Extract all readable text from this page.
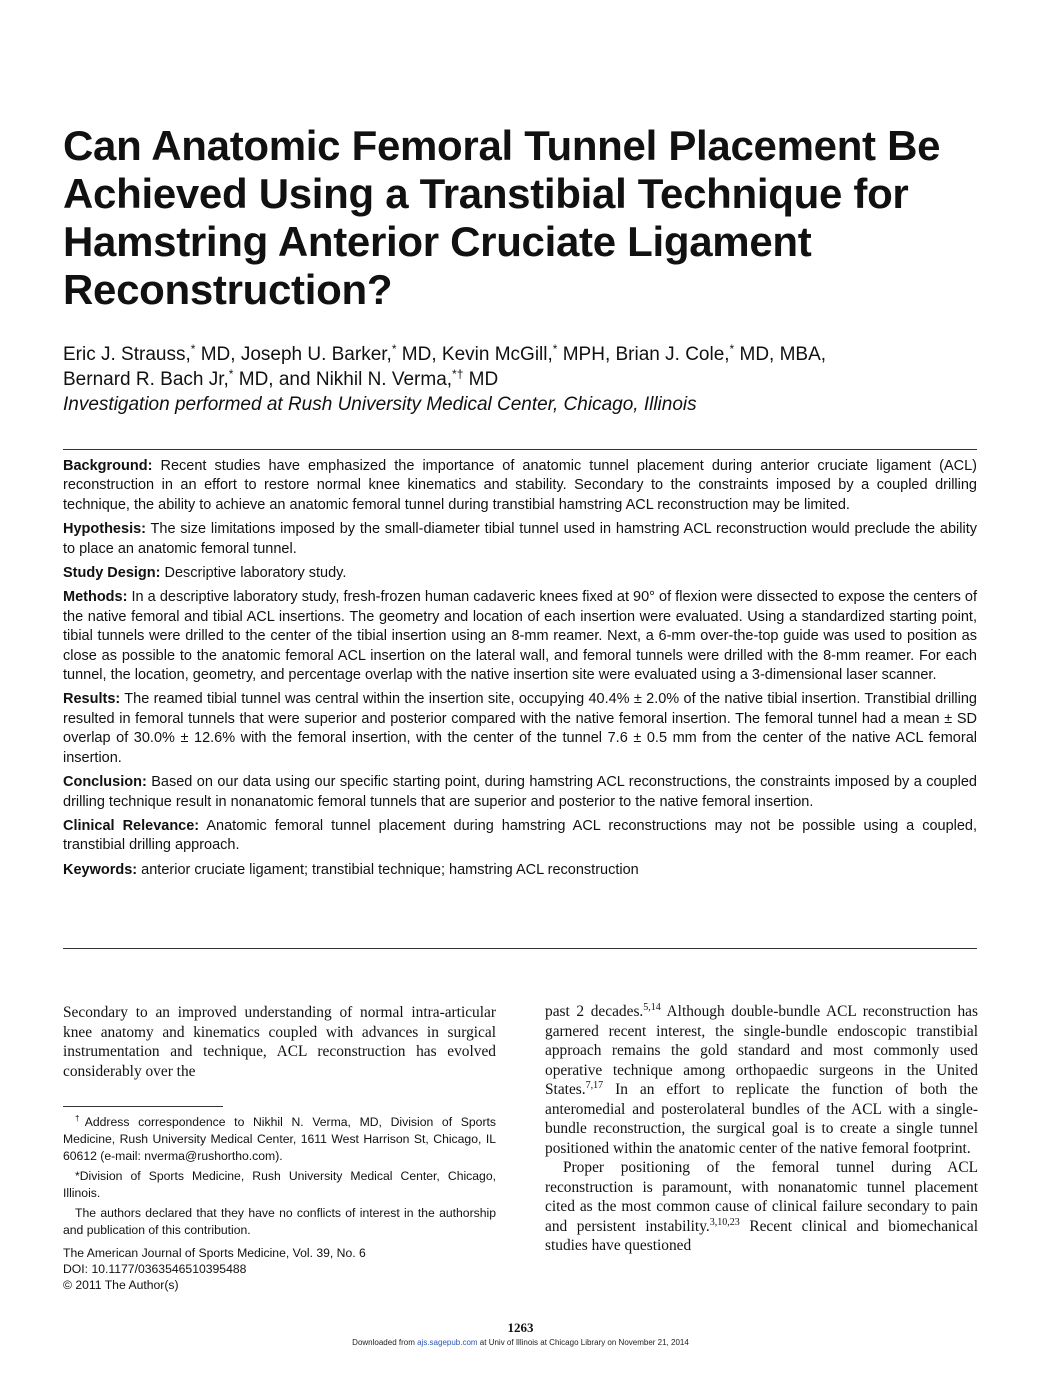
Can Anatomic Femoral Tunnel Placement Be Achieved Using a Transtibial Technique for Hamstring Anterior Cruciate Ligament Reconstruction?
Eric J. Strauss,* MD, Joseph U. Barker,* MD, Kevin McGill,* MPH, Brian J. Cole,* MD, MBA,
Bernard R. Bach Jr,* MD, and Nikhil N. Verma,*† MD
Investigation performed at Rush University Medical Center, Chicago, Illinois

Background: Recent studies have emphasized the importance of anatomic tunnel placement during anterior cruciate ligament (ACL) reconstruction in an effort to restore normal knee kinematics and stability. Secondary to the constraints imposed by a coupled drilling technique, the ability to achieve an anatomic femoral tunnel during transtibial hamstring ACL reconstruction may be limited.

Hypothesis: The size limitations imposed by the small-diameter tibial tunnel used in hamstring ACL reconstruction would preclude the ability to place an anatomic femoral tunnel.

Study Design: Descriptive laboratory study.

Methods: In a descriptive laboratory study, fresh-frozen human cadaveric knees fixed at 90° of flexion were dissected to expose the centers of the native femoral and tibial ACL insertions. The geometry and location of each insertion were evaluated. Using a standardized starting point, tibial tunnels were drilled to the center of the tibial insertion using an 8-mm reamer. Next, a 6-mm over-the-top guide was used to position as close as possible to the anatomic femoral ACL insertion on the lateral wall, and femoral tunnels were drilled with the 8-mm reamer. For each tunnel, the location, geometry, and percentage overlap with the native insertion site were evaluated using a 3-dimensional laser scanner.

Results: The reamed tibial tunnel was central within the insertion site, occupying 40.4% ± 2.0% of the native tibial insertion. Transtibial drilling resulted in femoral tunnels that were superior and posterior compared with the native femoral insertion. The femoral tunnel had a mean ± SD overlap of 30.0% ± 12.6% with the femoral insertion, with the center of the tunnel 7.6 ± 0.5 mm from the center of the native ACL femoral insertion.

Conclusion: Based on our data using our specific starting point, during hamstring ACL reconstructions, the constraints imposed by a coupled drilling technique result in nonanatomic femoral tunnels that are superior and posterior to the native femoral insertion.

Clinical Relevance: Anatomic femoral tunnel placement during hamstring ACL reconstructions may not be possible using a coupled, transtibial drilling approach.

Keywords: anterior cruciate ligament; transtibial technique; hamstring ACL reconstruction

Secondary to an improved understanding of normal intra-articular knee anatomy and kinematics coupled with advances in surgical instrumentation and technique, ACL reconstruction has evolved considerably over the

†Address correspondence to Nikhil N. Verma, MD, Division of Sports Medicine, Rush University Medical Center, 1611 West Harrison St, Chicago, IL 60612 (e-mail: nverma@rushortho.com).

*Division of Sports Medicine, Rush University Medical Center, Chicago, Illinois.

The authors declared that they have no conflicts of interest in the authorship and publication of this contribution.

The American Journal of Sports Medicine, Vol. 39, No. 6
DOI: 10.1177/0363546510395488
© 2011 The Author(s)

past 2 decades.$^{5,14}$ Although double-bundle ACL reconstruction has garnered recent interest, the single-bundle endoscopic transtibial approach remains the gold standard and most commonly used operative technique among orthopaedic surgeons in the United States.$^{7,17}$ In an effort to replicate the function of both the anteromedial and posterolateral bundles of the ACL with a single-bundle reconstruction, the surgical goal is to create a single tunnel positioned within the anatomic center of the native femoral footprint.

Proper positioning of the femoral tunnel during ACL reconstruction is paramount, with nonanatomic tunnel placement cited as the most common cause of clinical failure secondary to pain and persistent instability.$^{3,10,23}$ Recent clinical and biomechanical studies have questioned

1263
Downloaded from ajs.sagepub.com at Univ of Illinois at Chicago Library on November 21, 2014
